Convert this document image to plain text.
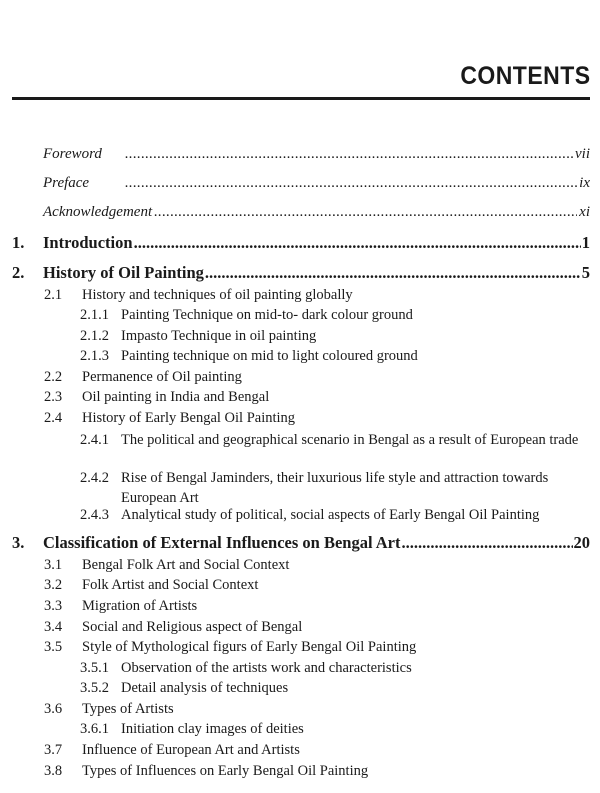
CONTENTS
Foreword .....	vii
Preface .....	ix
Acknowledgement .....	xi
1.	Introduction .....	1
2.	History of Oil Painting .....	5
2.1	History and techniques of oil painting globally
2.1.1 Painting Technique on mid-to- dark colour ground
2.1.2 Impasto Technique in oil painting
2.1.3 Painting technique on mid to light coloured ground
2.2	Permanence of Oil painting
2.3	Oil painting in India and Bengal
2.4	History of Early Bengal Oil Painting
2.4.1 The political and geographical scenario in Bengal as a result of European trade
2.4.2 Rise of Bengal Jaminders, their luxurious life style and attraction towards European Art
2.4.3 Analytical study of political, social aspects of Early Bengal Oil Painting
3.	Classification of External Influences on Bengal Art .....	20
3.1	Bengal Folk Art and Social Context
3.2	Folk Artist and Social Context
3.3	Migration of Artists
3.4	Social and Religious aspect of Bengal
3.5	Style of Mythological figurs of Early Bengal Oil Painting
3.5.1 Observation of the artists work and characteristics
3.5.2 Detail analysis of techniques
3.6	Types of Artists
3.6.1 Initiation clay images of deities
3.7	Influence of European Art and Artists
3.8	Types of Influences on Early Bengal Oil Painting
